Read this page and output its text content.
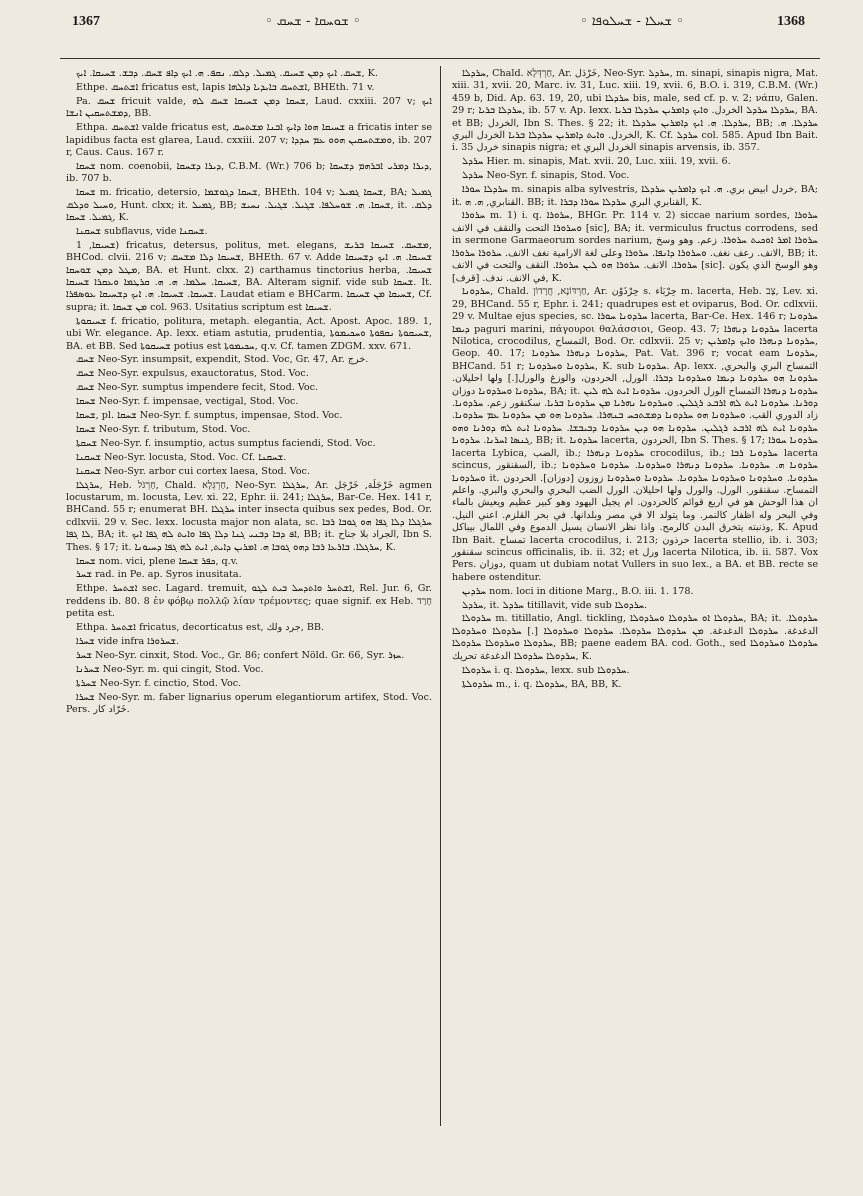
1367	◦ ܫܘܚܩܐ - ܫܚܩ ◦	◦ ܫܚܠܐ - ܫܚܠܘܦܐ ◦	1368

ܫܚܩ. ܐܝܟ ܕܡܢ ܫܚܝܩ. ܓܡܝܠ. ܕܠܩ. ܢܩܦ. ܗ. ܐܝܟ ܕܐܦ ܫܚܩ. ܕܒܫ. ܫܚܝܩܐ. ܐܝܟ, K.

Ethpe. ܐܫܬܚܩ fricatus est, lapis ܐܫܬܚܩ ܒܐܝܕܝܐ ܕܐܠܗܐ, BHEth. 71 v.

Pa. ܫܚܩ fricuit valde, ܫܚܩܐ ܕܡܢ ܫܚܝܩܐ ܫܚܩ ܠܗ, Laud. cxxiii. 207 v; ܐܝܟ ܕܡܫܬܚܩܝܢ ܐܢܫܐ, BB.

Ethpa. ܐܫܬܚܩ valde fricatus est, ܫܚܝܩܐ ܗܘܐ ܕܐܝܟ ܐܒܢܐ ܡܫܬܚܩ a fricatis inter se lapidibus facta est glarea, Laud. cxxiii. 207 v; ܘܡܫܬܚܩܝܢ ܗܘܘ ܥܡ ܚܕܕܐ, ib. 207 r, Caus. Caus. 167 r.

ܫܚܩܐ nom. coenobii, ܕܝܪܐ ܕܫܚܩܐ, C.B.M. (Wr.) 706 b; ܕܝܪܐ ܕܡܪܝ ܐܒܪܗܡ ܕܫܚܩܐ, ib. 707 b.

ܫܚܩܐ m. fricatio, detersio, ܫܚܩܐ ܕܓܘܫܡܐ, BHEth. 104 v; ܫܚܩܐ ܓܡܝܠ, BA; ܓܡܝܠ ܘܚܝܠ ܘܕܠܩ, Hunt. clxx; it. ܓܡܝܠ, BB; ܫܚܩܐ. ܗ. ܫܘܚܠܦܐ. ܫܓܝܠ. ܫܓܝܠ. ܢܚܝܫ, it. ܕܠܩ. ܓܡܝܠ. ܫܚܩܐ, K.

ܫܚܩܢܐ subflavus, vide ܫܚܩܢܐ.

ܫܚܝܩܐ, 1) fricatus, detersus, politus, met. elegans, ܡܫܚܩ. ܫܚܝܩܐ ܒܪܝܫ, BHCod. clvii. 216 v; ܫܚܝܩܐ ܕܠܐ ܡܫܚܩ, BHEth. 67 v. Adde ܫܚܝܩܐ. ܗ. ܐܝܟ ܕܫܚܝܩܐ ܡܛܠ ܕܡܢ ܫܘܚܩܐ, BA. et Hunt. clxx. 2) carthamus tinctorius herba, ܫܚܝܩܐ. ܫܚܝܩܐ. ܚܠܡܐ. ܗ. ܗ. ܩܪܛܡܐ ܘܥܩܪܐ ܫܚܝܩܐ, BA. Alteram signif. vide sub ܫܚܩܐ. It. ܫܚܝܩܐ. ܫܚܝܩܐ. ܗ. ܐܝܟ ܕܫܚܝܩܐ ܥܘܣܦܪܐ. Laudat etiam e BHCarm. ܫܚܝܩܐ ܡܢ ܫܚܝܩܐ, Cf. supra; it. ܡܢ ܫܚܩܐ col. 963. Usitatius scriptum est ܫܚܝܩܐ.

ܫܚܝܩܘܬܐ f. fricatio, politura, metaph. elegantia, Act. Apost. Apoc. 189. 1, ubi Wr. elegance. Ap. lexx. etiam astutia, prudentia, ܫܚܝܩܘܬܐ ܢܩܦܘܬܐ ܘܚܟܝܡܘܬܐ, BA. et BB. Sed ܫܚܝܩܘܬܐ potius est ܚܟܝܡܘܬܐ, q.v. Cf. tamen ZDGM. xxv. 671.

ܫܚܩ Neo-Syr. insumpsit, expendit, Stod. Voc, Gr. 47, Ar. خرج.

ܫܚܩ Neo-Syr. expulsus, exauctoratus, Stod. Voc.

ܫܚܩ Neo-Syr. sumptus impendere fecit, Stod. Voc.

ܫܚܩܐ Neo-Syr. f. impensae, vectigal, Stod. Voc.

ܫܚܩܐ, pl. ܫܚܩܐ Neo-Syr. f. sumptus, impensae, Stod. Voc.

ܫܚܩܐ Neo-Syr. f. tributum, Stod. Voc.

ܫܚܩܬܐ Neo-Syr. f. insumptio, actus sumptus faciendi, Stod. Voc.

ܫܚܩܢܐ Neo-Syr. locusta, Stod. Voc. Cf. ܫܚܩܢܐ.

ܫܚܩܢܐ Neo-Syr. arbor cui cortex laesa, Stod. Voc.

ܚܪܓܠܐ, Heb. חַרְגֹּל, Chald. חַרְגְּלָא, Neo-Syr. ܚܪܓܠܐ, Ar. خَرْجَلَة, خَرْجَل agmen locustarum, m. locusta, Lev. xi. 22, Ephr. ii. 241; ܚܪܓܠܐ, Bar-Ce. Hex. 141 r, BHCand. 55 r; enumerat BH. ܚܪܓܠܐ inter insecta quibus sex pedes, Bod. Or. cdlxvii. 29 v. Sec. lexx. locusta major non alata, sc. ܚܪܓܠܐ ܕܠܐ ܓܦܐ ܗܘ ܓܘܒܐ ܪܒܐ ܠܐ ܓܦܐ, BA; it. ܐܦ ܕܒܐ ܕܒܢܝ ܓܢܐ ܕܠܐ ܓܦܐ ܘܐܝܬ ܠܗ ܓܦܐ ܐܝܟ, BB; it. الجراد بلا جناح, Ibn S. Thes. § 17; it. ܚܪܓܠܐ. ܒܐܪܥܐ ܪܒܐ ܕܗܘ ܓܘܒܐ ܗ. ܐܡܪܝܢ ܕܐܝܬ, ܐܝܬ ܠܗ ܓܦܐ ܕܚܝܘܢܐ, K.

ܫܚܩܐ nom. vici, plene ܟܦܪ ܫܚܩܐ, q.v.

ܫܚܪ rad. in Pe. ap. Syros inusitata.

Ethpe. ܐܫܬܚܪ sec. Lagard. tremuit, ܐܫܬܚܪ ܘܐܬܕܚܠ ܒܝܬ ܠܓܘ, Rel. Jur. 6, Gr. reddens ib. 80. 8 ἐν φόβῳ πολλῷ λίαν τρέμοντες; quae signif. ex Heb. חָרַד petita est.

Ethpa. ܐܫܬܚܪ fricatus, decorticatus est, جرد ولك, BB.

ܫܚܪܐ vide infra ܫܚܪܘܪܐ.

ܫܚܪ Neo-Syr. cinxit, Stod. Voc., Gr. 86; confert Nöld. Gr. 66, Syr. ܚܙܪ.

ܫܚܪܢܐ Neo-Syr. m. qui cingit, Stod. Voc.

ܫܚܪܬܐ Neo-Syr. f. cinctio, Stod. Voc.

ܫܚܪܐ Neo-Syr. m. faber lignarius operum elegantiorum artifex, Stod. Voc. Pers. خَرّاد كار.

ܚܪܕܠܐ, Chald. חַרְדְּלָא, Ar. خَرْدَل, Neo-Syr. ܚܪܕܠ, m. sinapi, sinapis nigra, Mat. xiii. 31, xvii. 20, Marc. iv. 31, Luc. xiii. 19, xvii. 6, B.O. i. 319, C.B.M. (Wr.) 459 b, Did. Ap. 63. 19, 20, ubi ܚܪܕܠܐ bis, male, sed cf. p. v. 2; νάπυ, Galen. 29 r; ܚܪܕܠܐ ܒܪܝܐ, ib. 57 v. Ap. lexx. ܚܪܕܠܐ ܚܪܕܠ الخردل. ܘܐܝܟ ܕܐܡܪܝܢ ܚܪܕܠܐ ܒܪܝܐ, BA. et BB; الخردل, Ibn S. Thes. § 22; it. ܚܪܕܠܐ. ܗ. ܐܝܟ ܕܐܡܪܝܢ ܚܪܕܠܐ, BB; ܚܪܕܠܐ. ܗ. الخردل. ܘܐܝܬ ܕܐܡܪܝܢ ܚܪܕܠܐ ܒܪܝܐ الخردل البري, K. Cf. ܚܪܕܠ col. 585. Apud Ibn Bait. i. 35 خردل sinapis nigra; et الخردل البري sinapis arvensis, ib. 357.

ܚܪܕܠ Hier. m. sinapis, Mat. xvii. 20, Luc. xiii. 19, xvii. 6.

ܚܪܕܠ Neo-Syr. f. sinapis, Stod. Voc.

ܚܪܕܠܐ ܚܘܪܐ m. sinapis alba sylvestris, خردل ابيض بري. ܗ. ܐܝܟ ܕܐܡܪܝܢ ܚܪܕܠܐ, BA; it. القنابري, ܗ. ܗ. BB; it. القنابري البري ܚܪܕܠܐ ܚܘܪܐ ܕܒܪܐ, K.

ܚܪܘܪܐ m. 1) i. q. ܚܪܘܪܐ, BHGr. Pr. 114 v. 2) siccae narium sordes, ܚܪܘܪܐ ܘܚܪܘܪܐ التحت والنقف في الانف [sic], BA; it. vermiculus fructus corrodens, sed in sermone Garmaeorum sordes narium, ܚܪܘܪܐ ܐܡܪ ܐܘܟܝܬ ܚܪܘܪܐ. زعم. وهو وسخ الانف. رعف نغف. ܘܚܪܘܪܐ ܕܐܢܦܐ. ܚܪܘܪܐ وعلى لغة الارامية نغف الانف. ܚܪܘܪܐ ܚܪܘܪܐ, BB; it. ܚܪܘܪܐ. الانف. ܚܪܘܪܐ ܗܘ ܠܝܢ ܚܪܘܪܐ. النقف والتحت في الانف [sic]. وهو الوسخ الذي يكون في الانف. ندف. [قرف], K.

ܚܪܕܘܢܐ, Chald. חַרְדּוֹנָא, חֲרָדוֹן, Ar. حِرْذَوْن s. حِرْبَاء m. lacerta, Heb. צָב, Lev. xi. 29, BHCand. 55 r, Ephr. i. 241; quadrupes est et oviparus, Bod. Or. cdlxvii. 29 v. Multae ejus species, sc. ܚܪܕܘܢܐ ܚܘܪܐ lacerta, Bar-Ce. Hex. 146 r; ܚܪܕܘܢܐ ܕܝܡܐ paguri marini, πάγουροι θαλάσσιοι, Geop. 43. 7; ܚܪܕܘܢܐ ܕܢܗܪܐ lacerta Nilotica, crocodilus, التمساح, Bod. Or. cdlxvii. 25 v; ܚܪܕܘܢܐ ܕܢܗܪܐ ܘܐܝܟ ܕܐܡܪܝܢ, Geop. 40. 17; ܚܪܕܘܢܐ ܕܢܗܪܐ ܚܪܕܘܢܐ, Pat. Vat. 396 r; vocat eam ܚܪܕܘܢܐ, BHCand. 51 r; ܚܪܕܘܢܐ ܘܚܪܕܘܢܐ, K. sub ܚܪܕܘܢܐ. Ap. lexx. التمساح البري والبحري, ܚܪܕܘܢܐ ܗܘ ܚܪܕܘܢܐ ܕܝܡܐ ܘܚܪܕܘܢܐ ܕܒܪܐ. الورل, الحردون، والوزغ والورل[.] ولها احليلان. ܚܪܕܘܢܐ ܘܚܪܕܘܢܐ دوزان, BA; it. ܚܪܕܘܢܐ ܕܢܗܪܐ التمساح الورل الحردون. ܚܪܕܘܢܐ ܐܝܬ ܠܗ ܠܝܢ ܕܘܪܢܐ. ܚܪܕܘܢܐ ܐܝܬ ܠܗ ܐܪܒܥ ܪܓܠܝܢ. ܘܚܪܕܘܢܐ ܢܗܪܝܐ ܡܢ ܚܪܕܘܢܐ ܒܪܝܐ. سكنقور زعم. ܚܪܕܘܢܐ. زاد الدوري القب. ܘܚܪܕܘܢܐ ܗܘ ܚܪܕܘܢܐ ܕܡܫܬܟܚ ܒܢܗܪܐ. ܚܪܕܘܢܐ ܗܘ ܡܢ ܚܪܕܘܢܐ ܥܡ ܚܪܕܘܢܐ. ܚܪܕܘܢܐ ܐܝܬ ܠܗ ܐܪܒܥ ܪܓܠܝܢ. ܚܪܕܘܢܐ ܗܘ ܕܝܢ ܚܪܕܘܢܐ ܕܒܝܒܫܐ. ܚܪܕܘܢܐ ܐܝܬ ܠܗ ܕܘܪܢܐ ܘܗܘ ܓܢܣܐ ܐܚܪܢܐ. ܚܪܕܘܢܐ, BB; it. ܚܪܕܘܢܐ lacerta, الحردون, Ibn S. Thes. § 17; ܚܪܕܘܢܐ ܚܘܪܐ lacerta Lybica, الضب, ib.; ܚܪܕܘܢܐ ܕܢܗܪܐ crocodilus, ib.; ܚܪܕܘܢܐ ܪܒܐ lacerta scincus, السقنقور, ib.; ܚܪܕܘܢܐ ܗ. ܚܪܕܘܢܐ. ܚܪܕܘܢܐ ܕܢܗܪܐ ܘܚܪܕܘܢܐ. ܚܪܕܘܢܐ ܘܚܪܕܘܢܐ ܘܚܪܕܘܢܐ it. ܚܪܕܘܢܐ. ܘܚܪܕܘܢܐ ܘܚܪܕܘܢܐ ܚܪܕܘܢܐ. ܚܪܕܘܢܐ ܘܚܪܕܘܢܐ زوزون [دوزان]. الحردون التمساح. سقنقور. الورل. والورل ولها احليلان. الورل الضب البحري والبحري والبري. واعلم ان هذا الوحش هو في اربع قوائم كالحردون. ام يجيل اليهود وهو كبير عظيم ويعيش بالماء وفي البحر وله اظفار كالنمر. وما يتولد الا في مصر وبلدانها. في بحر القلزم. اعني النيل. وذنبته يتخرق البدن كالرمح. واذا نظر الانسان يسيل الدموع وفي اللمال بيباكل, K. Apud Ibn Bait. تمساح lacerta crocodilus, i. 213; حرذون lacerta stellio, ib. i. 303; سقنقور scincus officinalis, ib. ii. 32; et ورل lacerta Nilotica, ib. ii. 587. Vox Pers. دوزان, quam ut dubiam notat Vullers in suo lex., a BA. et BB. recte se habere ostenditur.

ܚܪܕܝܢ nom. loci in ditione Marg., B.O. iii. 1. 178.

ܚܪܕܠ, it. ܚܪܕܠ titillavit, vide sub ܚܪܕܘܠܐ.

ܚܪܕܘܠܐ m. titillatio, Angl. tickling, ܚܪܕܘܠܐ ܐܘ ܚܪܕܘܠܐ ܘܚܪܕܘܠܐ, BA; it. ܚܪܕܘܠܐ. الدغدغة. ܚܪܕܘܠܐ الدغدغة. ܡܢ ܚܪܕܘܠܐ ܚܪܕܘܠܐ. ܚܪܕܘܠܐ ܘܚܪܕܘܠܐ [.] ܚܪܕܘܠܐ ܘܚܪܕܘܠܐ ܚܪܕܘܠܐ ܘܚܪܕܘܠܐ ܚܪܕܘܠܐ, BB; paene eadem BA. cod. Goth., sed ܚܪܕܘܠܐ ܘܚܪܕܘܠܐ ܚܪܕܘܠܐ ܚܪܕܘܠܐ الدغدغة تحريك, K.

ܚܪܕܘܠܐ i. q. ܚܪܕܘܠܐ, lexx. sub ܚܪܕܘܠܐ.

ܚܪܕܘܠܬܐ m., i. q. ܚܪܕܘܠܐ, BA, BB, K.
